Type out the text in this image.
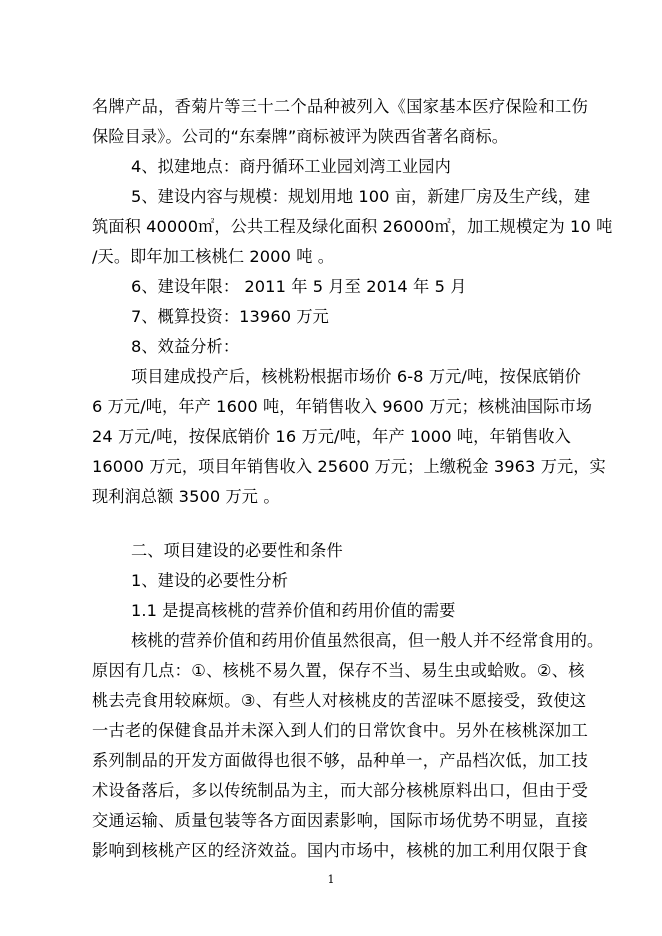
名牌产品，香菊片等三十二个品种被列入《国家基本医疗保险和工伤
保险目录》。公司的“东秦牌”商标被评为陕西省著名商标。
4、拟建地点：商丹循环工业园刘湾工业园内
5、建设内容与规模：规划用地 100 亩，新建厂房及生产线，建
筑面积 40000㎡，公共工程及绿化面积 26000㎡，加工规模定为 10 吨
/天。即年加工核桃仁 2000 吨 。
6、建设年限： 2011 年 5 月至 2014 年 5 月
7、概算投资：13960 万元
8、效益分析：
项目建成投产后，核桃粉根据市场价 6-8 万元/吨，按保底销价
6 万元/吨，年产 1600 吨，年销售收入 9600 万元；核桃油国际市场
24 万元/吨，按保底销价 16 万元/吨，年产 1000 吨，年销售收入
16000 万元，项目年销售收入 25600 万元；上缴税金 3963 万元，实
现利润总额 3500 万元 。
二、项目建设的必要性和条件
1、建设的必要性分析
1.1 是提高核桃的营养价值和药用价值的需要
核桃的营养价值和药用价值虽然很高，但一般人并不经常食用的。
原因有几点：①、核桃不易久置，保存不当、易生虫或蛤败。②、核
桃去壳食用较麻烦。③、有些人对核桃皮的苦涩味不愿接受，致使这
一古老的保健食品并未深入到人们的日常饮食中。另外在核桃深加工
系列制品的开发方面做得也很不够，品种单一，产品档次低，加工技
术设备落后，多以传统制品为主，而大部分核桃原料出口，但由于受
交通运输、质量包装等各方面因素影响，国际市场优势不明显，直接
影响到核桃产区的经济效益。国内市场中，核桃的加工利用仅限于食
1
